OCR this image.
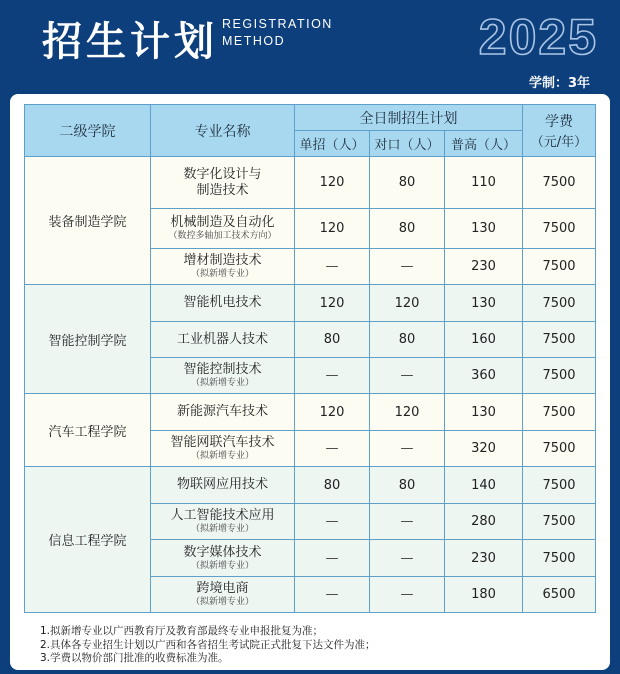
招生计划 REGISTRATION
METHOD	2025
学制：3年
二级学院	专业名称	全日制招生计划			学费
（元/年）

		单招（人）	对口（人）	普高（人）	
装备制造学院	数字化设计与
制造技术	120	80	110	7500

	机械制造及自动化
（数控多轴加工技术方向）	120	80	130	7500

	增材制造技术
（拟新增专业）	—	—	230	7500
智能控制学院	智能机电技术	120	120	130	7500
	工业机器人技术	80	80	160	7500

	智能控制技术
（拟新增专业）	—	—	360	7500
汽车工程学院	新能源汽车技术	120	120	130	7500

	智能网联汽车技术
（拟新增专业）	—	—	320	7500
信息工程学院	物联网应用技术	80	80	140	7500

	人工智能技术应用
（拟新增专业）	—	—	280	7500

	数字媒体技术
（拟新增专业）	—	—	230	7500

	跨境电商
（拟新增专业）	—	—	180	6500

1.拟新增专业以广西教育厅及教育部最终专业申报批复为准；

2.具体各专业招生计划以广西和各省招生考试院正式批复下达文件为准；

3.学费以物价部门批准的收费标准为准。
